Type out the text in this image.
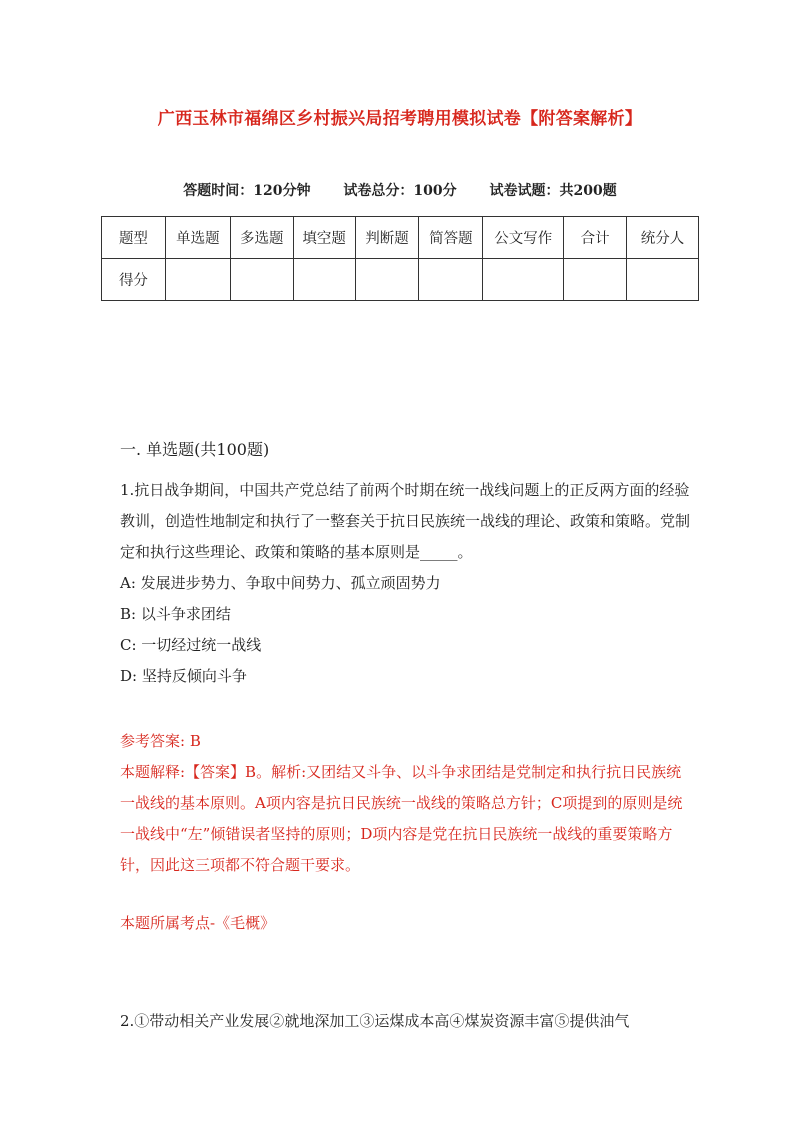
广西玉林市福绵区乡村振兴局招考聘用模拟试卷【附答案解析】
答题时间：120分钟 试卷总分：100分 试卷试题：共200题
题型	单选题	多选题	填空题	判断题	简答题	公文写作	合计	统分人
得分								
一. 单选题(共100题)
1.抗日战争期间，中国共产党总结了前两个时期在统一战线问题上的正反两方面的经验教训，创造性地制定和执行了一整套关于抗日民族统一战线的理论、政策和策略。党制定和执行这些理论、政策和策略的基本原则是_____。
A: 发展进步势力、争取中间势力、孤立顽固势力
B: 以斗争求团结
C: 一切经过统一战线
D: 坚持反倾向斗争
参考答案: B
本题解释:【答案】B。解析:又团结又斗争、以斗争求团结是党制定和执行抗日民族统一战线的基本原则。A项内容是抗日民族统一战线的策略总方针；C项提到的原则是统一战线中“左”倾错误者坚持的原则；D项内容是党在抗日民族统一战线的重要策略方针，因此这三项都不符合题干要求。
本题所属考点-《毛概》
2.①带动相关产业发展②就地深加工③运煤成本高④煤炭资源丰富⑤提供油气
